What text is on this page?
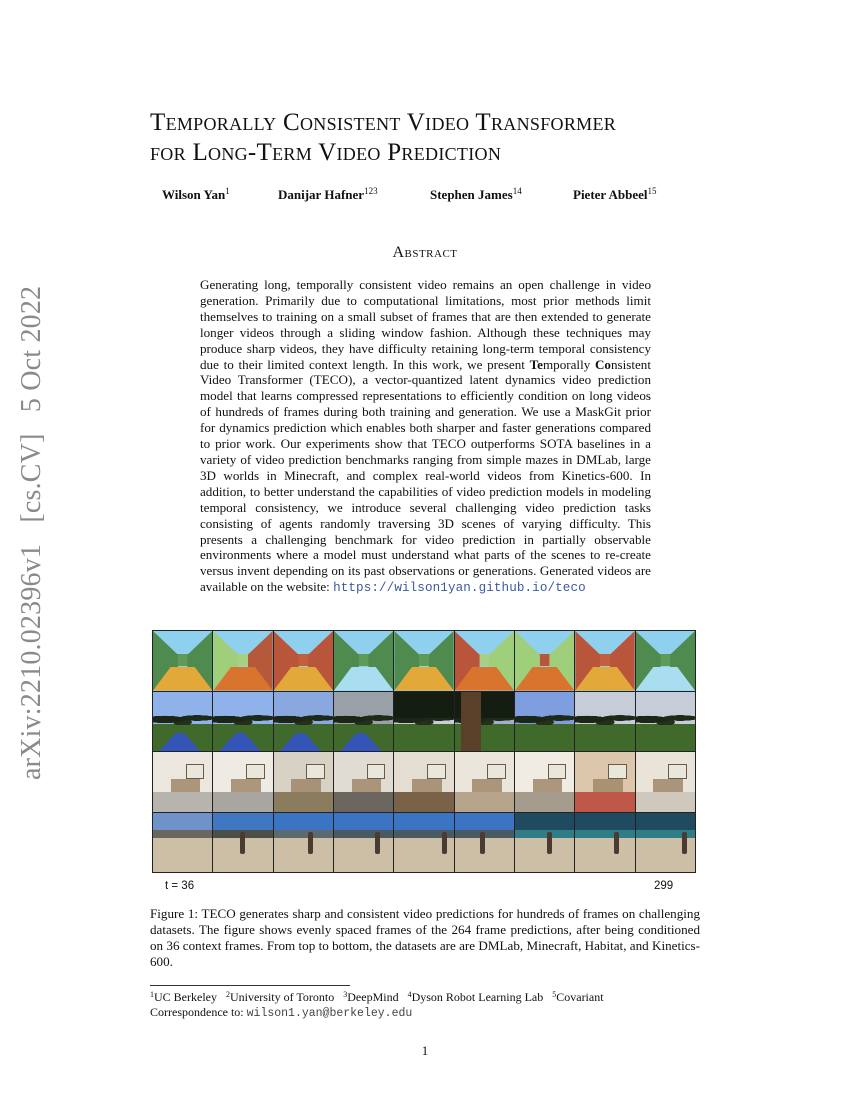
arXiv:2210.02396v1 [cs.CV] 5 Oct 2022
Temporally Consistent Video Transformer
for Long-Term Video Prediction
Wilson Yan$^1$	Danijar Hafner$^{123}$	Stephen James$^{14}$	Pieter Abbeel$^{15}$
Abstract
Generating long, temporally consistent video remains an open challenge in video generation. Primarily due to computational limitations, most prior methods limit themselves to training on a small subset of frames that are then extended to generate longer videos through a sliding window fashion. Although these techniques may produce sharp videos, they have difficulty retaining long-term temporal consistency due to their limited context length. In this work, we present Temporally Consistent Video Transformer (TECO), a vector-quantized latent dynamics video prediction model that learns compressed representations to efficiently condition on long videos of hundreds of frames during both training and generation. We use a MaskGit prior for dynamics prediction which enables both sharper and faster generations compared to prior work. Our experiments show that TECO outperforms SOTA baselines in a variety of video prediction benchmarks ranging from simple mazes in DMLab, large 3D worlds in Minecraft, and complex real-world videos from Kinetics-600. In addition, to better understand the capabilities of video prediction models in modeling temporal consistency, we introduce several challenging video prediction tasks consisting of agents randomly traversing 3D scenes of varying difficulty. This presents a challenging benchmark for video prediction in partially observable environments where a model must understand what parts of the scenes to re-create versus invent depending on its past observations or generations. Generated videos are available on the website: https://wilson1yan.github.io/teco
t = 36	299
Figure 1: TECO generates sharp and consistent video predictions for hundreds of frames on challenging datasets. The figure shows evenly spaced frames of the 264 frame predictions, after being conditioned on 36 context frames. From top to bottom, the datasets are are DMLab, Minecraft, Habitat, and Kinetics-600.
$^1$UC Berkeley $^2$University of Toronto $^3$DeepMind $^4$Dyson Robot Learning Lab $^5$Covariant
Correspondence to: wilson1.yan@berkeley.edu
1
